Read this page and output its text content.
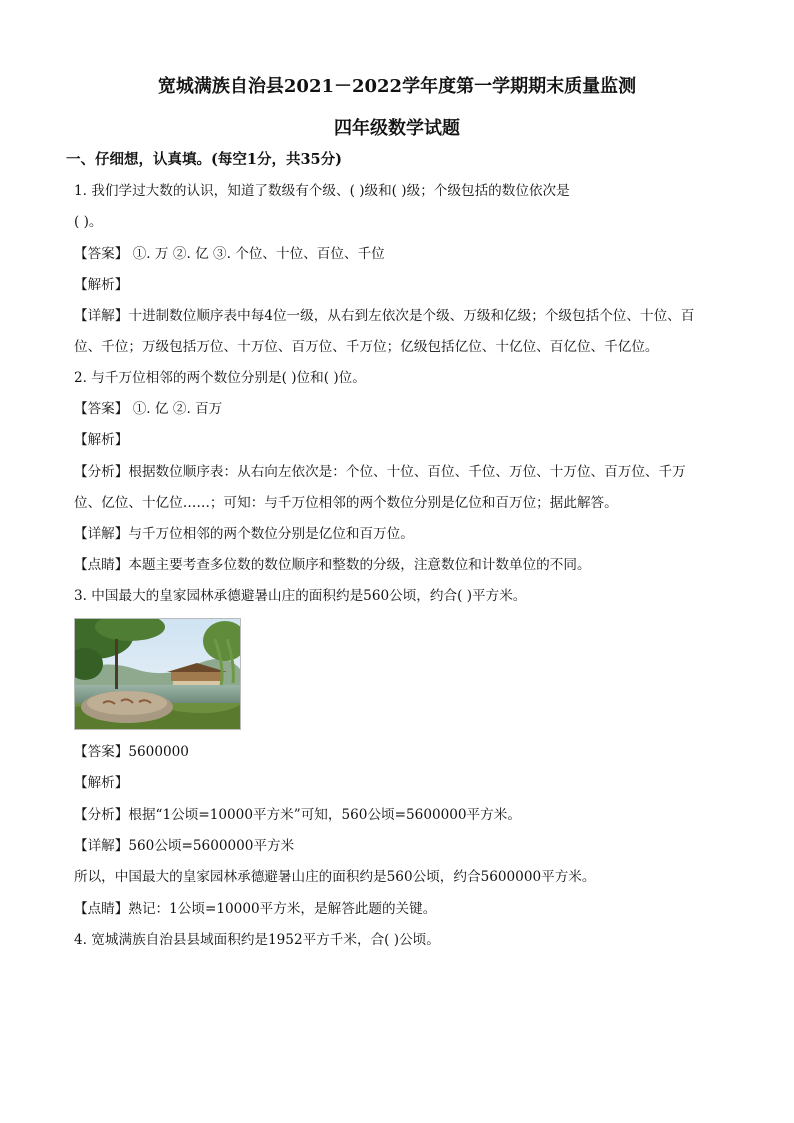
宽城满族自治县2021－2022学年度第一学期期末质量监测
四年级数学试题
一、仔细想，认真填。(每空1分，共35分)
1. 我们学过大数的认识，知道了数级有个级、( )级和( )级；个级包括的数位依次是
( )。
【答案】 ①. 万 ②. 亿 ③. 个位、十位、百位、千位
【解析】
【详解】十进制数位顺序表中每4位一级，从右到左依次是个级、万级和亿级；个级包括个位、十位、百
位、千位；万级包括万位、十万位、百万位、千万位；亿级包括亿位、十亿位、百亿位、千亿位。
2. 与千万位相邻的两个数位分别是( )位和( )位。
【答案】 ①. 亿 ②. 百万
【解析】
【分析】根据数位顺序表：从右向左依次是：个位、十位、百位、千位、万位、十万位、百万位、千万
位、亿位、十亿位……；可知：与千万位相邻的两个数位分别是亿位和百万位；据此解答。
【详解】与千万位相邻的两个数位分别是亿位和百万位。
【点睛】本题主要考查多位数的数位顺序和整数的分级，注意数位和计数单位的不同。
3. 中国最大的皇家园林承德避暑山庄的面积约是560公顷，约合( )平方米。
【答案】5600000
【解析】
【分析】根据“1公顷=10000平方米”可知，560公顷=5600000平方米。
【详解】560公顷=5600000平方米
所以，中国最大的皇家园林承德避暑山庄的面积约是560公顷，约合5600000平方米。
【点睛】熟记：1公顷=10000平方米，是解答此题的关键。
4. 宽城满族自治县县域面积约是1952平方千米，合( )公顷。
